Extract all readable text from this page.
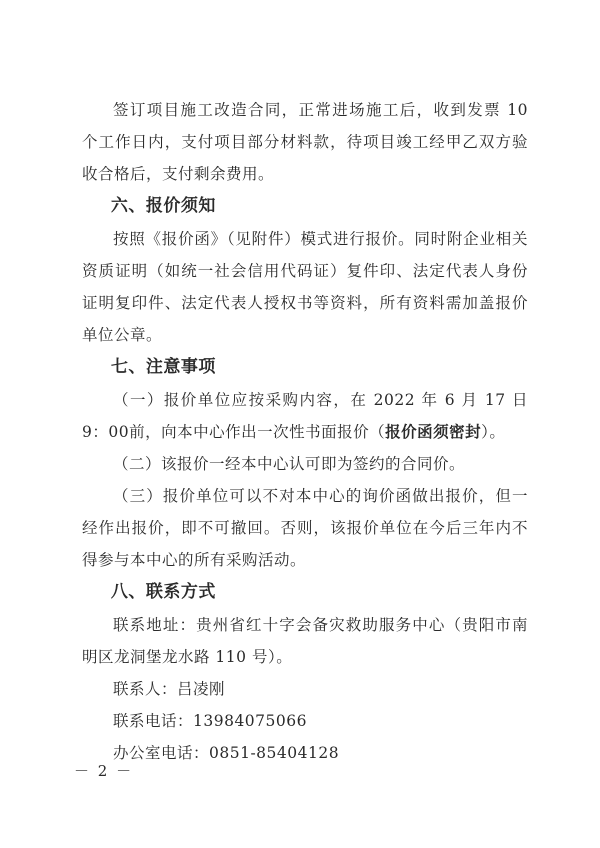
签订项目施工改造合同，正常进场施工后，收到发票 10 个工作日内，支付项目部分材料款，待项目竣工经甲乙双方验收合格后，支付剩余费用。

六、报价须知

按照《报价函》（见附件）模式进行报价。同时附企业相关资质证明（如统一社会信用代码证）复件印、法定代表人身份证明复印件、法定代表人授权书等资料，所有资料需加盖报价单位公章。

七、注意事项

（一）报价单位应按采购内容，在 2022 年 6 月 17 日 9：00前，向本中心作出一次性书面报价（报价函须密封）。

（二）该报价一经本中心认可即为签约的合同价。

（三）报价单位可以不对本中心的询价函做出报价，但一经作出报价，即不可撤回。否则，该报价单位在今后三年内不得参与本中心的所有采购活动。

八、联系方式

联系地址：贵州省红十字会备灾救助服务中心（贵阳市南明区龙洞堡龙水路 110 号）。

联系人：吕凌刚

联系电话：13984075066

办公室电话：0851-85404128

－ 2 －
